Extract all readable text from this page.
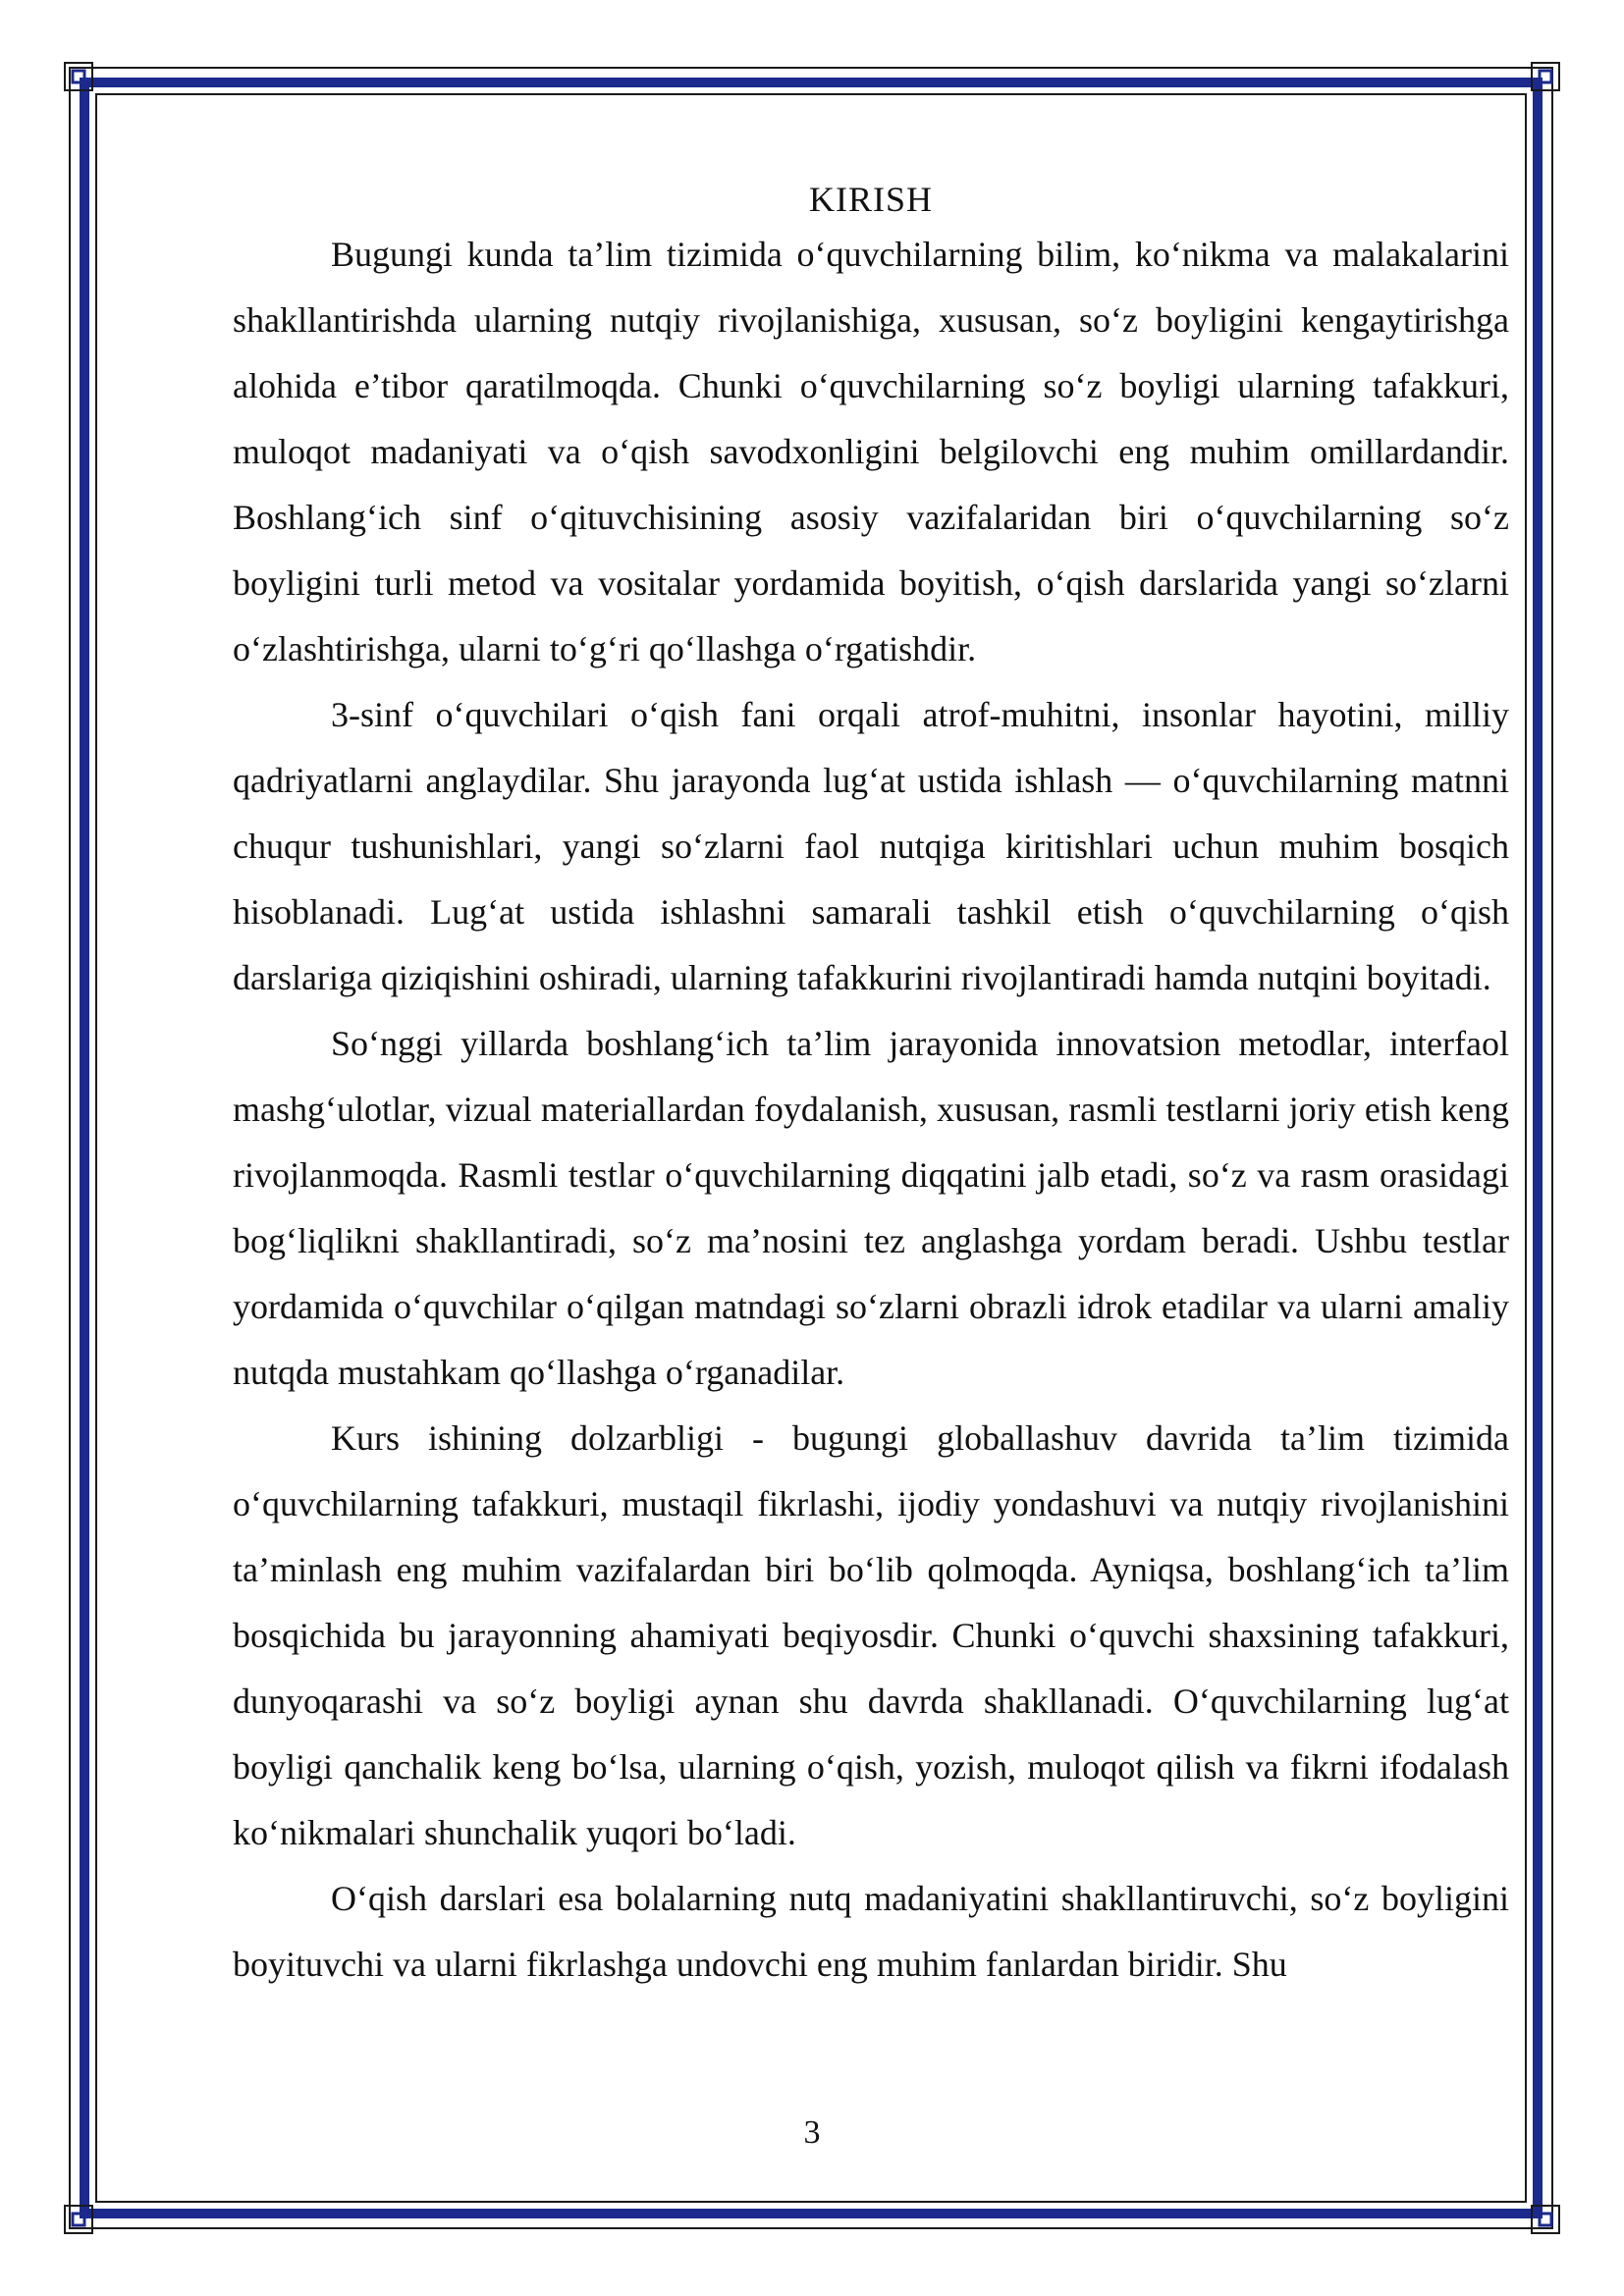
KIRISH

Bugungi kunda ta’lim tizimida o‘quvchilarning bilim, ko‘nikma va malakalarini shakllantirishda ularning nutqiy rivojlanishiga, xususan, so‘z boyligini kengaytirishga alohida e’tibor qaratilmoqda. Chunki o‘quvchilarning so‘z boyligi ularning tafakkuri, muloqot madaniyati va o‘qish savodxonligini belgilovchi eng muhim omillardandir. Boshlang‘ich sinf o‘qituvchisining asosiy vazifalaridan biri o‘quvchilarning so‘z boyligini turli metod va vositalar yordamida boyitish, o‘qish darslarida yangi so‘zlarni o‘zlashtirishga, ularni to‘g‘ri qo‘llashga o‘rgatishdir.

3-sinf o‘quvchilari o‘qish fani orqali atrof-muhitni, insonlar hayotini, milliy qadriyatlarni anglaydilar. Shu jarayonda lug‘at ustida ishlash — o‘quvchilarning matnni chuqur tushunishlari, yangi so‘zlarni faol nutqiga kiritishlari uchun muhim bosqich hisoblanadi. Lug‘at ustida ishlashni samarali tashkil etish o‘quvchilarning o‘qish darslariga qiziqishini oshiradi, ularning tafakkurini rivojlantiradi hamda nutqini boyitadi.

So‘nggi yillarda boshlang‘ich ta’lim jarayonida innovatsion metodlar, interfaol mashg‘ulotlar, vizual materiallardan foydalanish, xususan, rasmli testlarni joriy etish keng rivojlanmoqda. Rasmli testlar o‘quvchilarning diqqatini jalb etadi, so‘z va rasm orasidagi bog‘liqlikni shakllantiradi, so‘z ma’nosini tez anglashga yordam beradi. Ushbu testlar yordamida o‘quvchilar o‘qilgan matndagi so‘zlarni obrazli idrok etadilar va ularni amaliy nutqda mustahkam qo‘llashga o‘rganadilar.

Kurs ishining dolzarbligi - bugungi globallashuv davrida ta’lim tizimida o‘quvchilarning tafakkuri, mustaqil fikrlashi, ijodiy yondashuvi va nutqiy rivojlanishini ta’minlash eng muhim vazifalardan biri bo‘lib qolmoqda. Ayniqsa, boshlang‘ich ta’lim bosqichida bu jarayonning ahamiyati beqiyosdir. Chunki o‘quvchi shaxsining tafakkuri, dunyoqarashi va so‘z boyligi aynan shu davrda shakllanadi. O‘quvchilarning lug‘at boyligi qanchalik keng bo‘lsa, ularning o‘qish, yozish, muloqot qilish va fikrni ifodalash ko‘nikmalari shunchalik yuqori bo‘ladi.

O‘qish darslari esa bolalarning nutq madaniyatini shakllantiruvchi, so‘z boyligini boyituvchi va ularni fikrlashga undovchi eng muhim fanlardan biridir. Shu

3
